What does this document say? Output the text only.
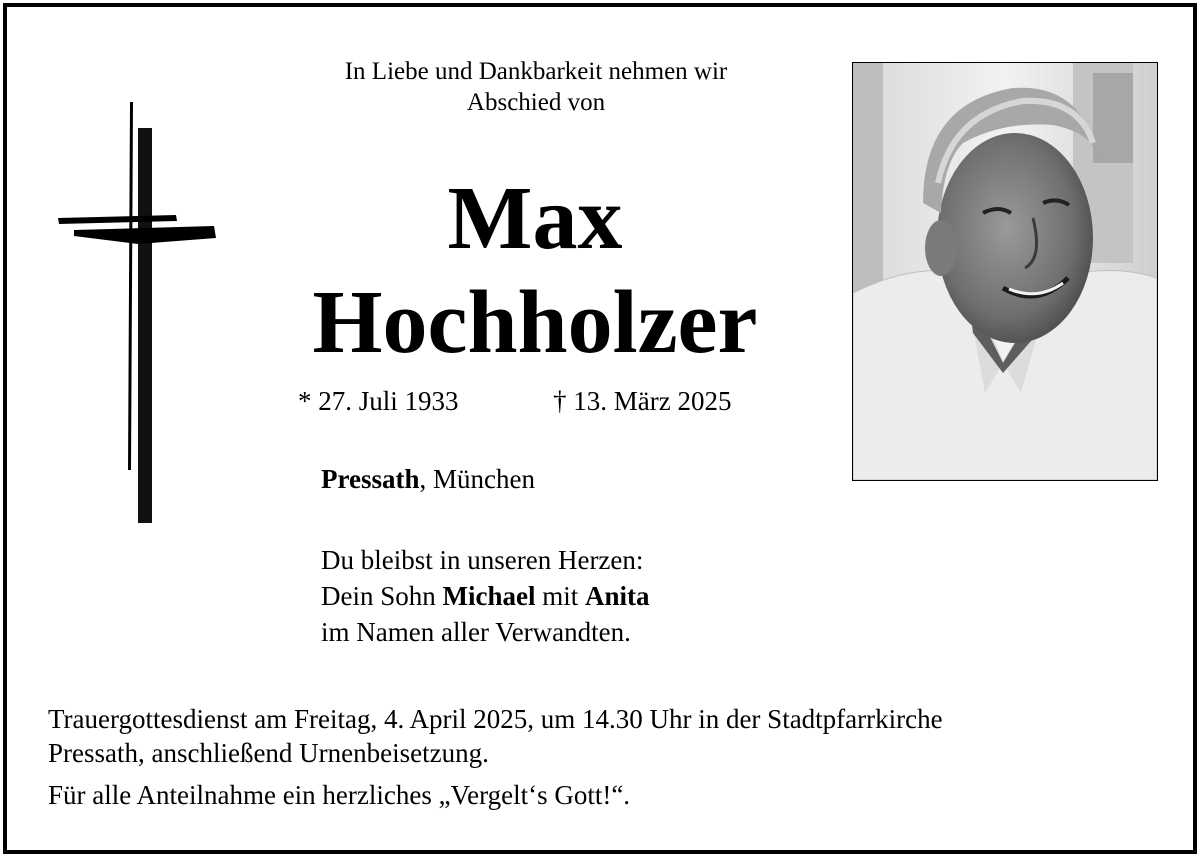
In Liebe und Dankbarkeit nehmen wir
Abschied von
Max
Hochholzer
* 27. Juli 1933	† 13. März 2025
Pressath, München
Du bleibst in unseren Herzen:
Dein Sohn Michael mit Anita
im Namen aller Verwandten.
Trauergottesdienst am Freitag, 4. April 2025, um 14.30 Uhr in der Stadtpfarrkirche
Pressath, anschließend Urnenbeisetzung.
Für alle Anteilnahme ein herzliches „Vergelt‘s Gott!“.
